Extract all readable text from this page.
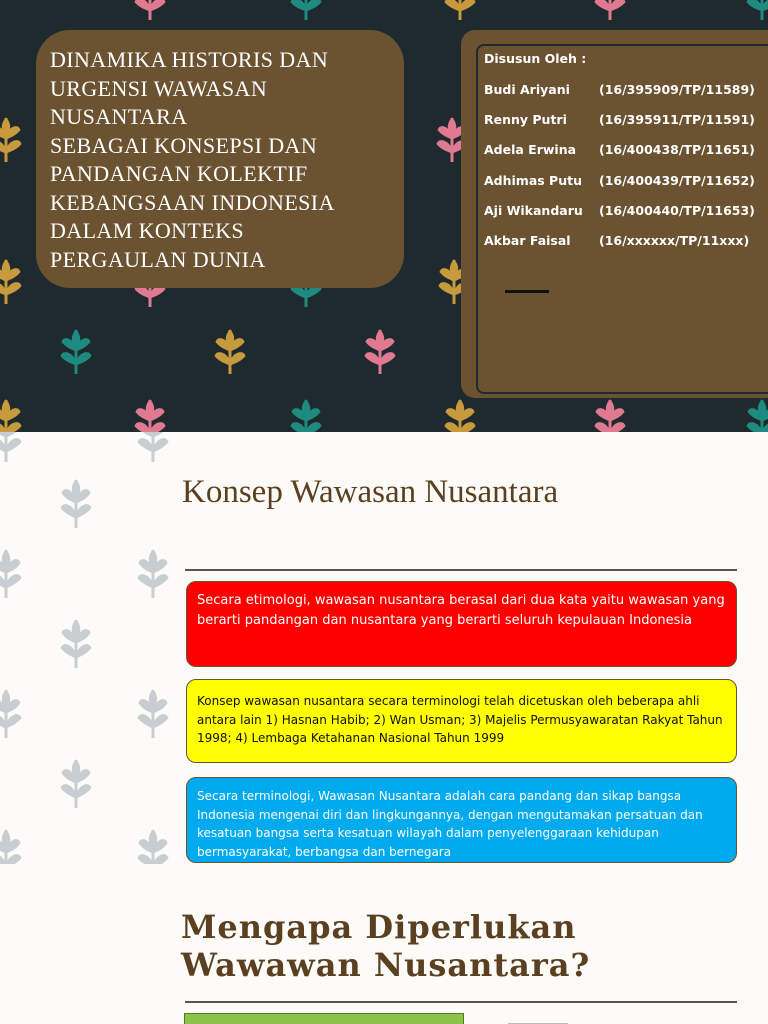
DINAMIKA HISTORIS DAN
URGENSI WAWASAN
NUSANTARA
SEBAGAI KONSEPSI DAN
PANDANGAN KOLEKTIF
KEBANGSAAN INDONESIA
DALAM KONTEKS
PERGAULAN DUNIA
Disusun Oleh :
Budi Ariyani (16/395909/TP/11589)
Renny Putri	(16/395911/TP/11591)
Adela Erwina (16/400438/TP/11651)
Adhimas Putu (16/400439/TP/11652)
Aji Wikandaru (16/400440/TP/11653)
Akbar Faisal (16/xxxxxx/TP/11xxx)
Konsep Wawasan Nusantara
Secara etimologi, wawasan nusantara berasal dari dua kata yaitu wawasan yang berarti pandangan dan nusantara yang berarti seluruh kepulauan Indonesia
Konsep wawasan nusantara secara terminologi telah dicetuskan oleh beberapa ahli antara lain 1) Hasnan Habib; 2) Wan Usman; 3) Majelis Permusyawaratan Rakyat Tahun 1998; 4) Lembaga Ketahanan Nasional Tahun 1999
Secara terminologi, Wawasan Nusantara adalah cara pandang dan sikap bangsa Indonesia mengenai diri dan lingkungannya, dengan mengutamakan persatuan dan kesatuan bangsa serta kesatuan wilayah dalam penyelenggaraan kehidupan bermasyarakat, berbangsa dan bernegara
Mengapa Diperlukan
Wawawan Nusantara?
